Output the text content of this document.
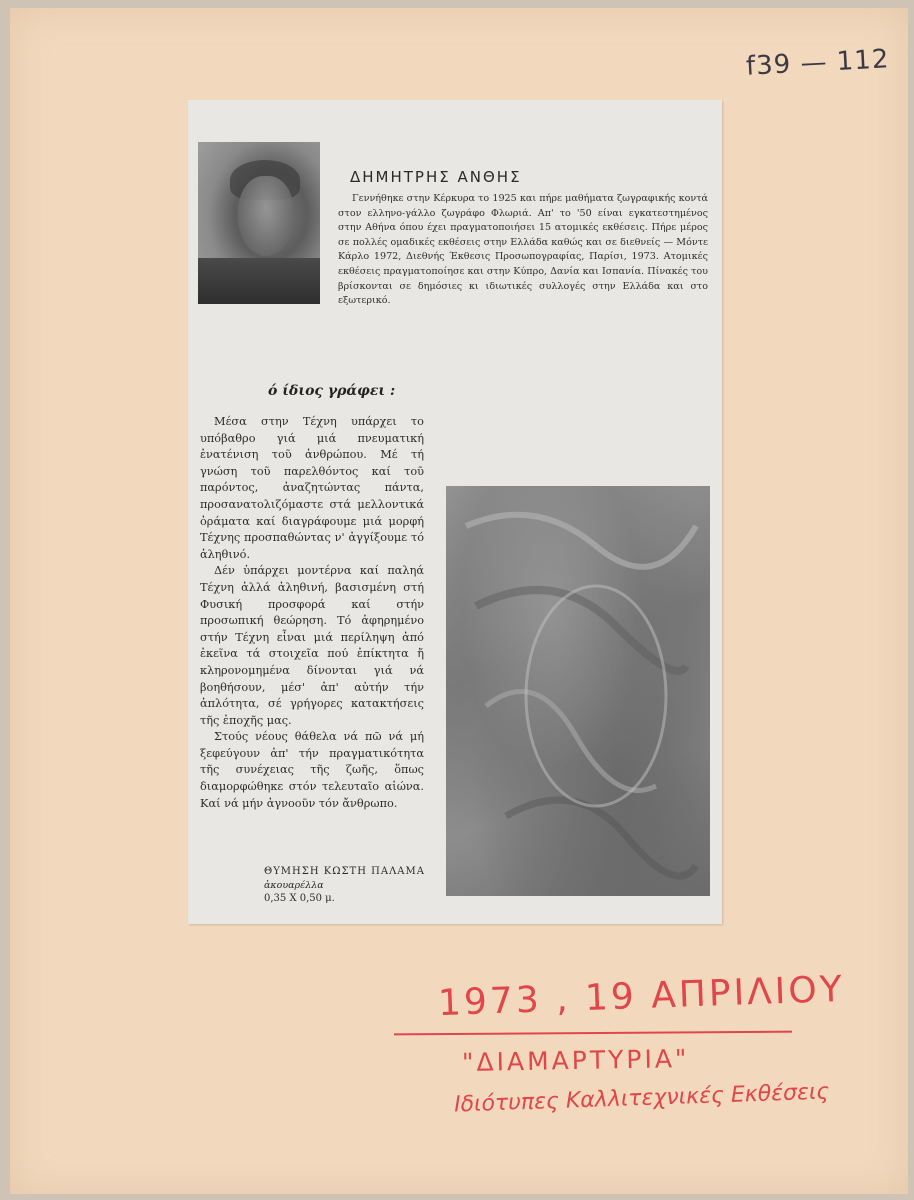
f39 — 112
ΔΗΜΗΤΡΗΣ ΑΝΘΗΣ

Γεννήθηκε στην Κέρκυρα το 1925 και πήρε μαθήματα ζωγραφικής κοντά στον ελληνο-γάλλο ζωγράφο Φλωριά. Απ' το '50 είναι εγκατεστημένος στην Αθήνα όπου έχει πραγματοποιήσει 15 ατομικές εκθέσεις. Πήρε μέρος σε πολλές ομαδικές εκθέσεις στην Ελλάδα καθώς και σε διεθνείς — Μόντε Κάρλο 1972, Διεθνής Έκθεσις Προσωπογραφίας, Παρίσι, 1973. Ατομικές εκθέσεις πραγματοποίησε και στην Κύπρο, Δανία και Ισπανία. Πίνακές του βρίσκονται σε δημόσιες κι ιδιωτικές συλλογές στην Ελλάδα και στο εξωτερικό.

ό ίδιος γράφει :

Μέσα στην Τέχνη υπάρχει το υπόβαθρο γιά μιά πνευματική ἐνατένιση τοῦ ἀνθρώπου. Μέ τή γνώση τοῦ παρελθόντος καί τοῦ παρόντος, ἀναζητώντας πάντα, προσανατολιζόμαστε στά μελλοντικά ὁράματα καί διαγράφουμε μιά μορφή Τέχνης προσπαθώντας ν' ἀγγίξουμε τό ἀληθινό.

Δέν ὑπάρχει μοντέρνα καί παληά Τέχνη ἀλλά ἀληθινή, βασισμένη στή Φυσική προσφορά καί στήν προσωπική θεώρηση. Τό ἀφηρημένο στήν Τέχνη εἶναι μιά περίληψη ἀπό ἐκεῖνα τά στοιχεῖα πού ἐπίκτητα ἤ κληρονομημένα δίνονται γιά νά βοηθήσουν, μέσ' ἀπ' αὐτήν τήν ἀπλότητα, σέ γρήγορες κατακτήσεις τῆς ἐποχῆς μας.

Στούς νέους θάθελα νά πῶ νά μή ξεφεύγουν ἀπ' τήν πραγματικότητα τῆς συνέχειας τῆς ζωῆς, ὅπως διαμορφώθηκε στόν τελευταῖο αἰώνα. Καί νά μήν ἀγνοοῦν τόν ἄνθρωπο.

ΘΥΜΗΣΗ ΚΩΣΤΗ ΠΑΛΑΜΑ
ἀκουαρέλλα
0,35 Χ 0,50 μ.
1973 , 19 ΑΠΡΙΛΙΟΥ
"ΔΙΑΜΑΡΤΥΡΙΑ"
Ιδιότυπες Καλλιτεχνικές Εκθέσεις
